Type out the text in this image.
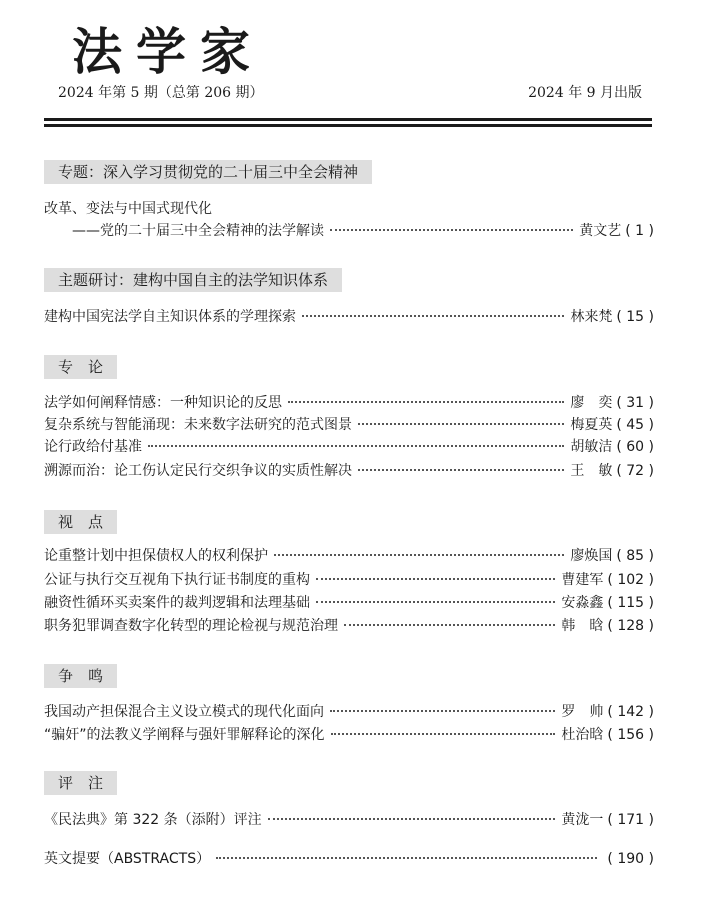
法学家
2024 年第 5 期（总第 206 期）	2024 年 9 月出版
专题：深入学习贯彻党的二十届三中全会精神
改革、变法与中国式现代化
——党的二十届三中全会精神的法学解读	黄文艺 ( 1 )
主题研讨：建构中国自主的法学知识体系
建构中国宪法学自主知识体系的学理探索	林来梵 ( 15 )
专　论
法学如何阐释情感：一种知识论的反思	廖　奕 ( 31 )
复杂系统与智能涌现：未来数字法研究的范式图景	梅夏英 ( 45 )
论行政给付基准	胡敏洁 ( 60 )
溯源而治：论工伤认定民行交织争议的实质性解决	王　敏 ( 72 )
视　点
论重整计划中担保债权人的权利保护	廖焕国 ( 85 )
公证与执行交互视角下执行证书制度的重构	曹建军 ( 102 )
融资性循环买卖案件的裁判逻辑和法理基础	安淼鑫 ( 115 )
职务犯罪调查数字化转型的理论检视与规范治理	韩　晗 ( 128 )
争　鸣
我国动产担保混合主义设立模式的现代化面向	罗　帅 ( 142 )
“骗奸”的法教义学阐释与强奸罪解释论的深化	杜治晗 ( 156 )
评　注
《民法典》第 322 条（添附）评注	黄泷一 ( 171 )
英文提要（ABSTRACTS）	( 190 )
